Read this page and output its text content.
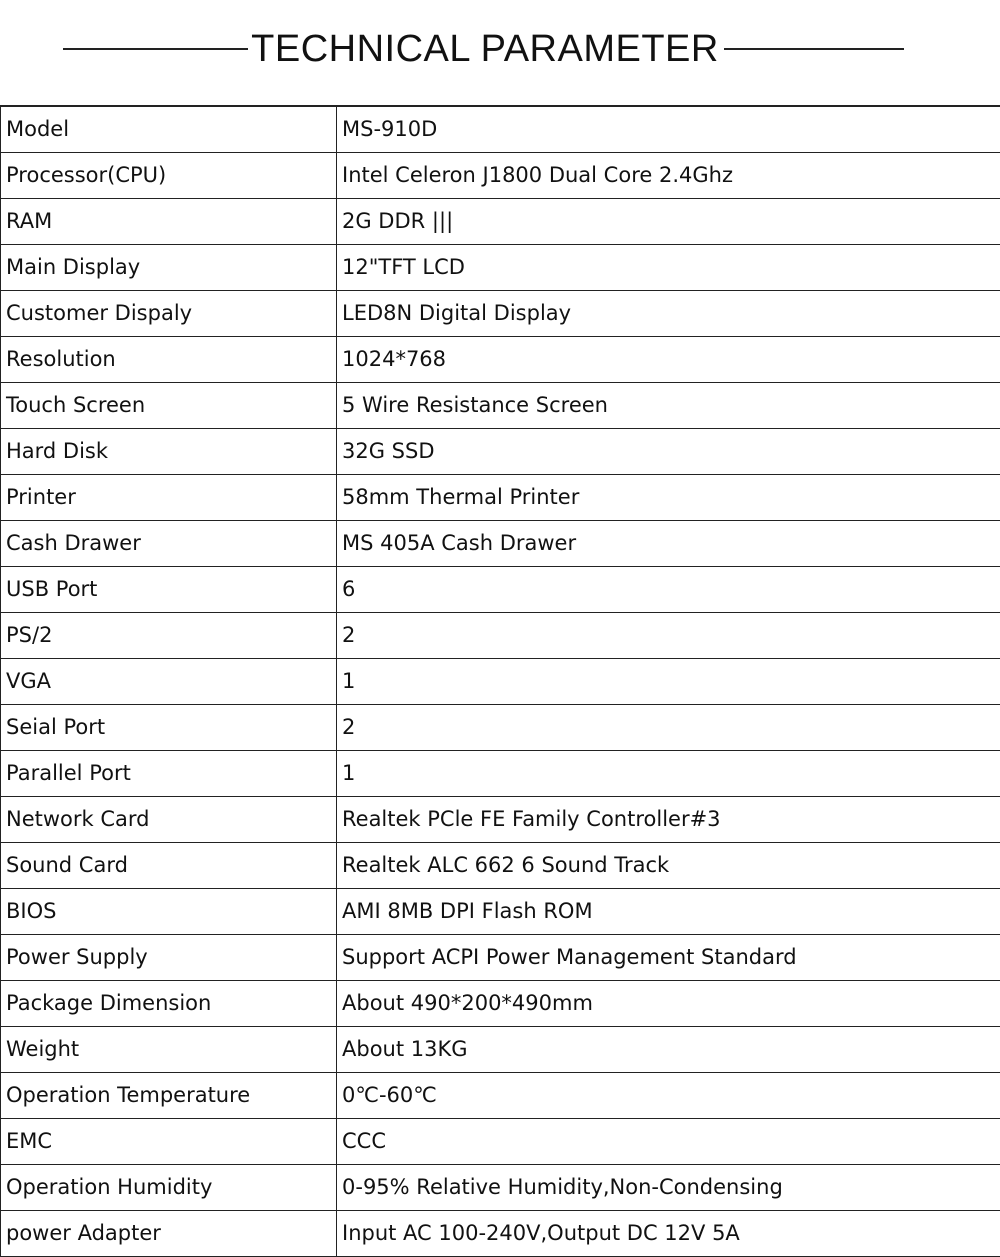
TECHNICAL PARAMETER
Model	MS-910D
Processor(CPU)	Intel Celeron J1800 Dual Core 2.4Ghz
RAM	2G DDR |||
Main Display	12"TFT LCD
Customer Dispaly	LED8N Digital Display
Resolution	1024*768
Touch Screen	5 Wire Resistance Screen
Hard Disk	32G SSD
Printer	58mm Thermal Printer
Cash Drawer	MS 405A Cash Drawer
USB Port	6
PS/2	2
VGA	1
Seial Port	2
Parallel Port	1
Network Card	Realtek PCle FE Family Controller#3
Sound Card	Realtek ALC 662 6 Sound Track
BIOS	AMI 8MB DPI Flash ROM
Power Supply	Support ACPI Power Management Standard
Package Dimension	About 490*200*490mm
Weight	About 13KG
Operation Temperature	0℃-60℃
EMC	CCC
Operation Humidity	0-95% Relative Humidity,Non-Condensing
power Adapter	Input AC 100-240V,Output DC 12V 5A
